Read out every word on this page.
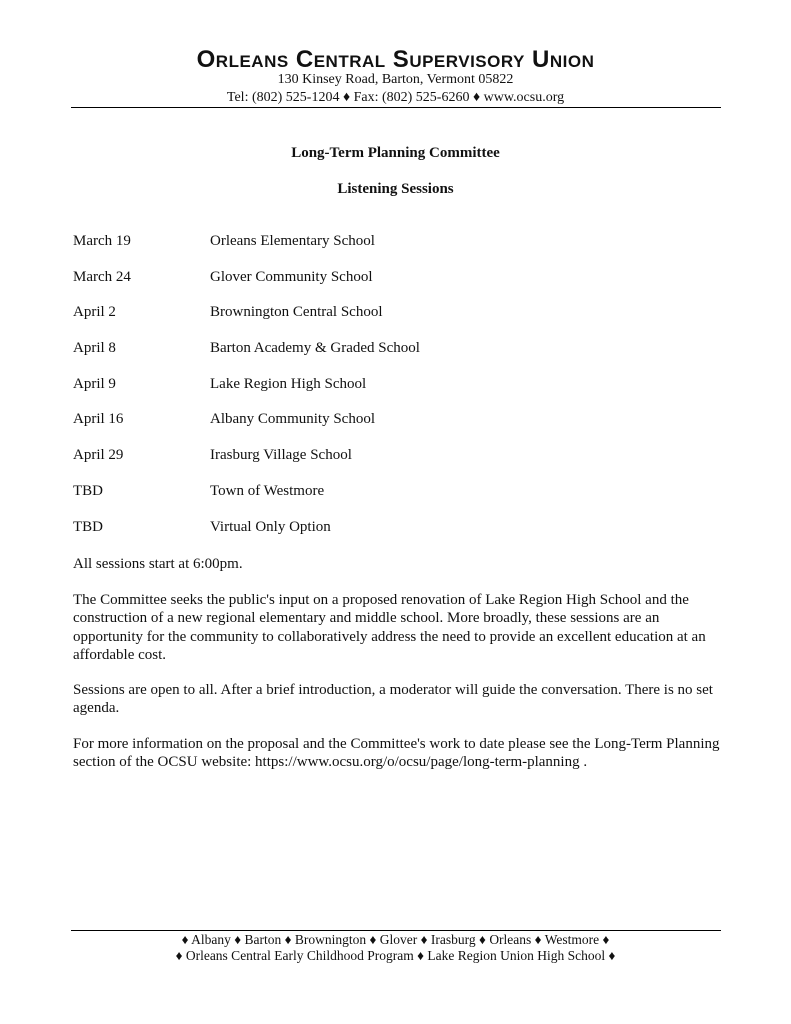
Orleans Central Supervisory Union
130 Kinsey Road, Barton, Vermont 05822
Tel: (802) 525-1204 ♦ Fax: (802) 525-6260 ♦ www.ocsu.org
Long-Term Planning Committee
Listening Sessions
March 19	Orleans Elementary School
March 24	Glover Community School
April 2	Brownington Central School
April 8	Barton Academy & Graded School
April 9	Lake Region High School
April 16	Albany Community School
April 29	Irasburg Village School
TBD	Town of Westmore
TBD	Virtual Only Option
All sessions start at 6:00pm.
The Committee seeks the public's input on a proposed renovation of Lake Region High School and the construction of a new regional elementary and middle school. More broadly, these sessions are an opportunity for the community to collaboratively address the need to provide an excellent education at an affordable cost.
Sessions are open to all. After a brief introduction, a moderator will guide the conversation. There is no set agenda.
For more information on the proposal and the Committee's work to date please see the Long-Term Planning section of the OCSU website: https://www.ocsu.org/o/ocsu/page/long-term-planning .
♦ Albany ♦ Barton ♦ Brownington ♦ Glover ♦ Irasburg ♦ Orleans ♦ Westmore ♦
♦ Orleans Central Early Childhood Program ♦ Lake Region Union High School ♦
